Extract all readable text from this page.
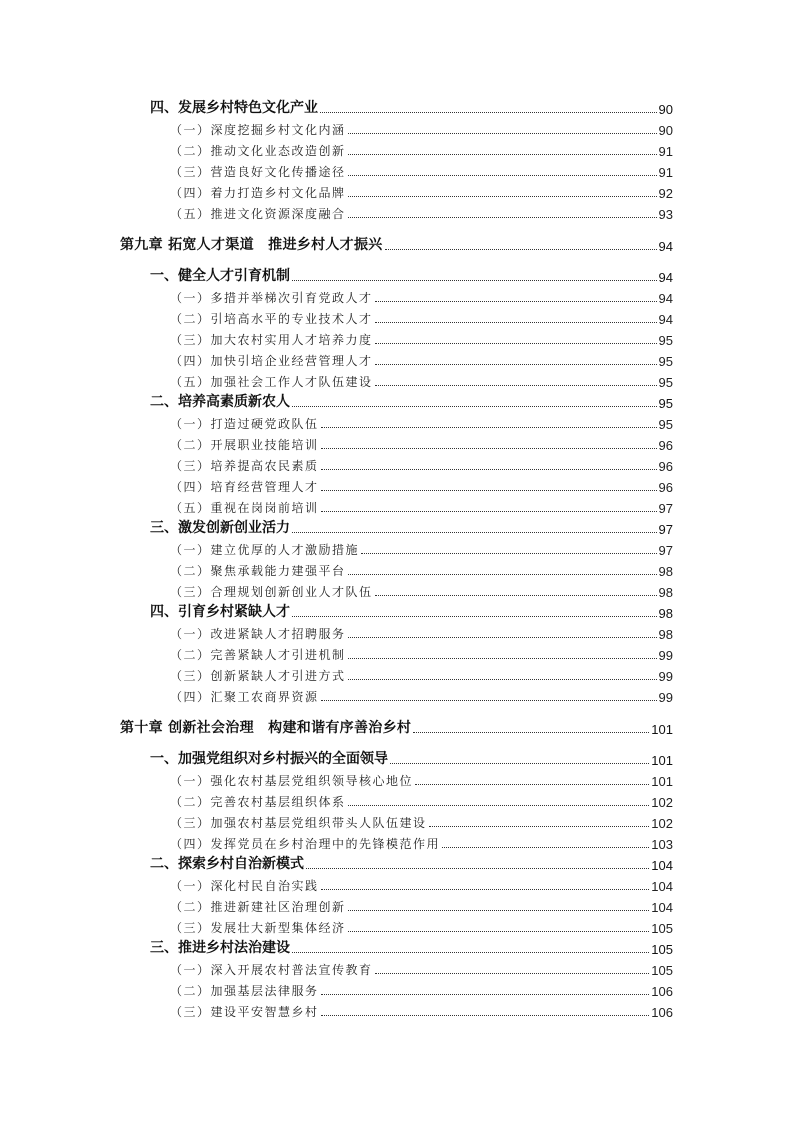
四、发展乡村特色文化产业	90
（一）深度挖掘乡村文化内涵	90
（二）推动文化业态改造创新	91
（三）营造良好文化传播途径	91
（四）着力打造乡村文化品牌	92
（五）推进文化资源深度融合	93
第九章 拓宽人才渠道　推进乡村人才振兴	94
一、健全人才引育机制	94
（一）多措并举梯次引育党政人才	94
（二）引培高水平的专业技术人才	94
（三）加大农村实用人才培养力度	95
（四）加快引培企业经营管理人才	95
（五）加强社会工作人才队伍建设	95
二、培养高素质新农人	95
（一）打造过硬党政队伍	95
（二）开展职业技能培训	96
（三）培养提高农民素质	96
（四）培育经营管理人才	96
（五）重视在岗岗前培训	97
三、激发创新创业活力	97
（一）建立优厚的人才激励措施	97
（二）聚焦承载能力建强平台	98
（三）合理规划创新创业人才队伍	98
四、引育乡村紧缺人才	98
（一）改进紧缺人才招聘服务	98
（二）完善紧缺人才引进机制	99
（三）创新紧缺人才引进方式	99
（四）汇聚工农商界资源	99
第十章 创新社会治理　构建和谐有序善治乡村	101
一、加强党组织对乡村振兴的全面领导	101
（一）强化农村基层党组织领导核心地位	101
（二）完善农村基层组织体系	102
（三）加强农村基层党组织带头人队伍建设	102
（四）发挥党员在乡村治理中的先锋模范作用	103
二、探索乡村自治新模式	104
（一）深化村民自治实践	104
（二）推进新建社区治理创新	104
（三）发展壮大新型集体经济	105
三、推进乡村法治建设	105
（一）深入开展农村普法宣传教育	105
（二）加强基层法律服务	106
（三）建设平安智慧乡村	106
